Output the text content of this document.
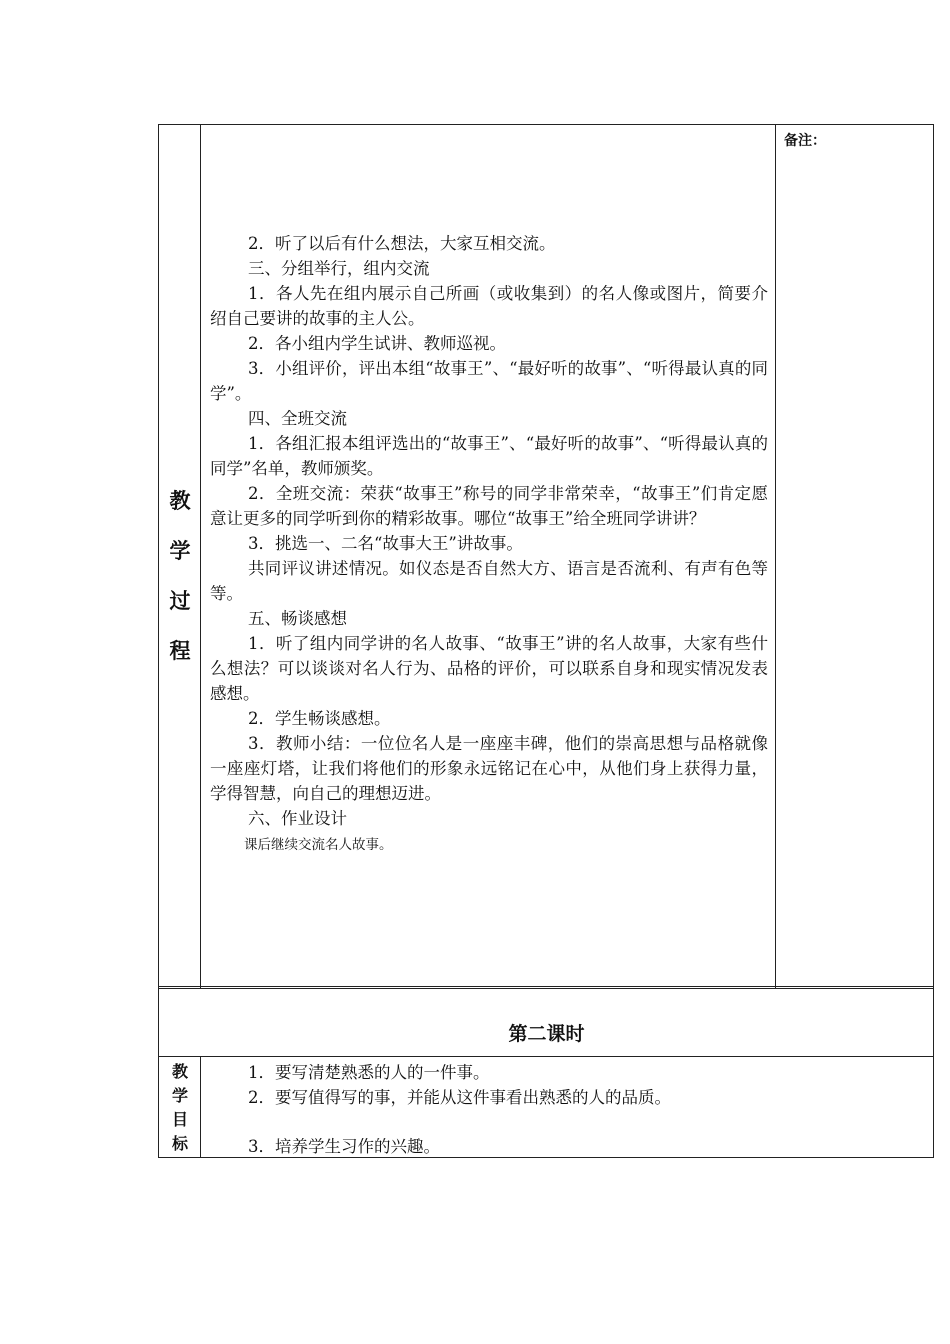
教
学
过
程
备注：

2．听了以后有什么想法，大家互相交流。

三、分组举行，组内交流

1．各人先在组内展示自己所画（或收集到）的名人像或图片，简要介绍自己要讲的故事的主人公。

2．各小组内学生试讲、教师巡视。

3．小组评价，评出本组“故事王”、“最好听的故事”、“听得最认真的同学”。

四、全班交流

1．各组汇报本组评选出的“故事王”、“最好听的故事”、“听得最认真的同学”名单，教师颁奖。

2．全班交流：荣获“故事王”称号的同学非常荣幸，“故事王”们肯定愿意让更多的同学听到你的精彩故事。哪位“故事王”给全班同学讲讲？

3．挑选一、二名“故事大王”讲故事。

共同评议讲述情况。如仪态是否自然大方、语言是否流利、有声有色等等。

五、畅谈感想

1．听了组内同学讲的名人故事、“故事王”讲的名人故事，大家有些什么想法？可以谈谈对名人行为、品格的评价，可以联系自身和现实情况发表感想。

2．学生畅谈感想。

3．教师小结：一位位名人是一座座丰碑，他们的崇高思想与品格就像一座座灯塔，让我们将他们的形象永远铭记在心中，从他们身上获得力量，学得智慧，向自己的理想迈进。

六、作业设计

课后继续交流名人故事。

第二课时
教
学
目
标

1．要写清楚熟悉的人的一件事。

2．要写值得写的事，并能从这件事看出熟悉的人的品质。

3．培养学生习作的兴趣。
